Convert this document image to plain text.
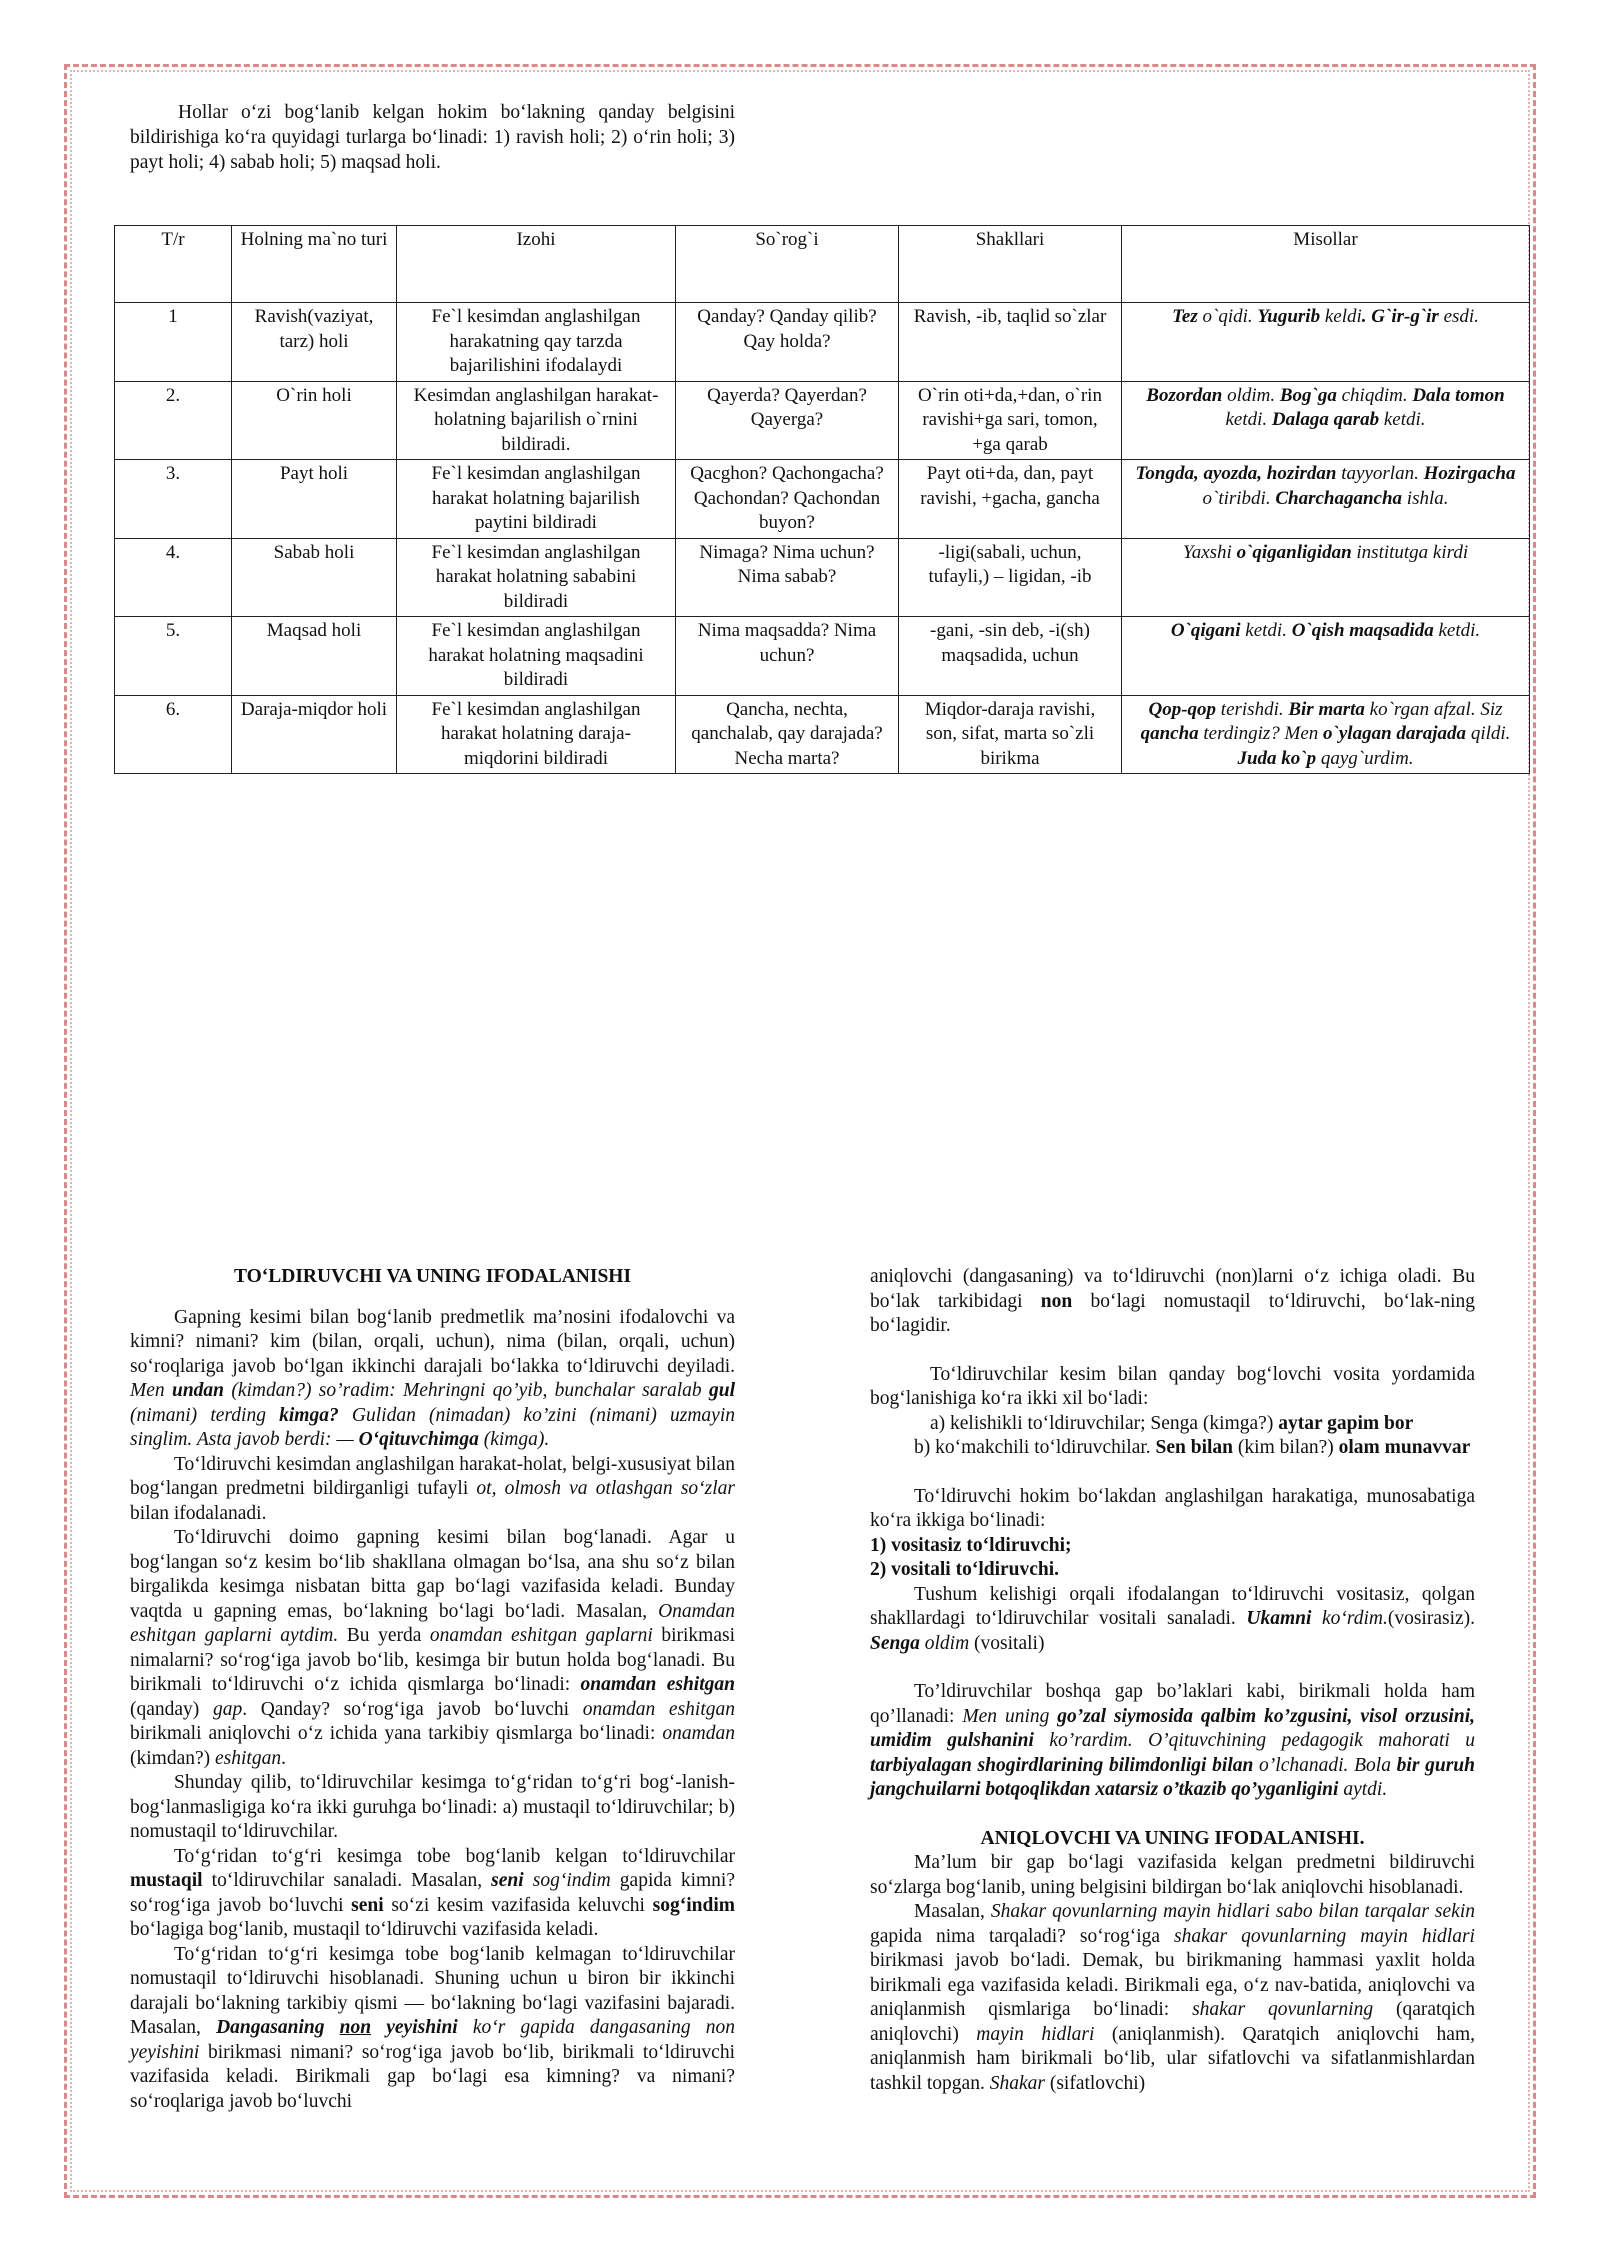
Hollar o‘zi bog‘lanib kelgan hokim bo‘lakning qanday belgisini bildirishiga ko‘ra quyidagi turlarga bo‘linadi: 1) ravish holi; 2) o‘rin holi; 3) payt holi; 4) sabab holi; 5) maqsad holi.

T/r	Holning ma`no turi	Izohi	So`rog`i	Shakllari	Misollar
1	Ravish(vaziyat, tarz) holi	Fe`l kesimdan anglashilgan harakatning qay tarzda bajarilishini ifodalaydi	Qanday? Qanday qilib? Qay holda?	Ravish, -ib, taqlid so`zlar	Tez o`qidi. Yugurib keldi. G`ir-g`ir esdi.
2.	O`rin holi	Kesimdan anglashilgan harakat-holatning bajarilish o`rnini bildiradi.	Qayerda? Qayerdan? Qayerga?	O`rin oti+da,+dan, o`rin ravishi+ga sari, tomon, +ga qarab	Bozordan oldim. Bog`ga chiqdim. Dala tomon ketdi. Dalaga qarab ketdi.
3.	Payt holi	Fe`l kesimdan anglashilgan harakat holatning bajarilish paytini bildiradi	Qacghon? Qachongacha? Qachondan? Qachondan buyon?	Payt oti+da, dan, payt ravishi, +gacha, gancha	Tongda, ayozda, hozirdan tayyorlan. Hozirgacha o`tiribdi. Charchagancha ishla.
4.	Sabab holi	Fe`l kesimdan anglashilgan harakat holatning sababini bildiradi	Nimaga? Nima uchun? Nima sabab?	-ligi(sabali, uchun, tufayli,) – ligidan, -ib	Yaxshi o`qiganligidan institutga kirdi
5.	Maqsad holi	Fe`l kesimdan anglashilgan harakat holatning maqsadini bildiradi	Nima maqsadda? Nima uchun?	-gani, -sin deb, -i(sh) maqsadida, uchun	O`qigani ketdi. O`qish maqsadida ketdi.
6.	Daraja-miqdor holi	Fe`l kesimdan anglashilgan harakat holatning daraja-miqdorini bildiradi	Qancha, nechta, qanchalab, qay darajada? Necha marta?	Miqdor-daraja ravishi, son, sifat, marta so`zli birikma	Qop-qop terishdi. Bir marta ko`rgan afzal. Siz qancha terdingiz? Men o`ylagan darajada qildi. Juda ko`p qayg`urdim.
TO‘LDIRUVCHI VA UNING IFODALANISHI

Gapning kesimi bilan bog‘lanib predmetlik ma’nosini ifodalovchi va kimni? nimani? kim (bilan, orqali, uchun), nima (bilan, orqali, uchun) so‘roqlariga javob bo‘lgan ikkinchi darajali bo‘lakka to‘ldiruvchi deyiladi. Men undan (kimdan?) so’radim: Mehringni qo’yib, bunchalar saralab gul (nimani) terding kimga? Gulidan (nimadan) ko’zini (nimani) uzmayin singlim. Asta javob berdi: — O‘qituvchimga (kimga).

To‘ldiruvchi kesimdan anglashilgan harakat-holat, belgi-xususiyat bilan bog‘langan predmetni bildirganligi tufayli ot, olmosh va otlashgan so‘zlar bilan ifodalanadi.

To‘ldiruvchi doimo gapning kesimi bilan bog‘lanadi. Agar u bog‘langan so‘z kesim bo‘lib shakllana olmagan bo‘lsa, ana shu so‘z bilan birgalikda kesimga nisbatan bitta gap bo‘lagi vazifasida keladi. Bunday vaqtda u gapning emas, bo‘lakning bo‘lagi bo‘ladi. Masalan, Onamdan eshitgan gaplarni aytdim. Bu yerda onamdan eshitgan gaplarni birikmasi nimalarni? so‘rog‘iga javob bo‘lib, kesimga bir butun holda bog‘lanadi. Bu birikmali to‘ldiruvchi o‘z ichida qismlarga bo‘linadi: onamdan eshitgan (qanday) gap. Qanday? so‘rog‘iga javob bo‘luvchi onamdan eshitgan birikmali aniqlovchi o‘z ichida yana tarkibiy qismlarga bo‘linadi: onamdan (kimdan?) eshitgan.

Shunday qilib, to‘ldiruvchilar kesimga to‘g‘ridan to‘g‘ri bog‘-lanish-bog‘lanmasligiga ko‘ra ikki guruhga bo‘linadi: a) mustaqil to‘ldiruvchilar; b) nomustaqil to‘ldiruvchilar.

To‘g‘ridan to‘g‘ri kesimga tobe bog‘lanib kelgan to‘ldiruvchilar mustaqil to‘ldiruvchilar sanaladi. Masalan, seni sog‘indim gapida kimni? so‘rog‘iga javob bo‘luvchi seni so‘zi kesim vazifasida keluvchi sog‘indim bo‘lagiga bog‘lanib, mustaqil to‘ldiruvchi vazifasida keladi.

To‘g‘ridan to‘g‘ri kesimga tobe bog‘lanib kelmagan to‘ldiruvchilar nomustaqil to‘ldiruvchi hisoblanadi. Shuning uchun u biron bir ikkinchi darajali bo‘lakning tarkibiy qismi — bo‘lakning bo‘lagi vazifasini bajaradi. Masalan, Dangasaning non yeyishini ko‘r gapida dangasaning non yeyishini birikmasi nimani? so‘rog‘iga javob bo‘lib, birikmali to‘ldiruvchi vazifasida keladi. Birikmali gap bo‘lagi esa kimning? va nimani? so‘roqlariga javob bo‘luvchi

aniqlovchi (dangasaning) va to‘ldiruvchi (non)larni o‘z ichiga oladi. Bu bo‘lak tarkibidagi non bo‘lagi nomustaqil to‘ldiruvchi, bo‘lak-ning bo‘lagidir.

To‘ldiruvchilar kesim bilan qanday bog‘lovchi vosita yordamida bog‘lanishiga ko‘ra ikki xil bo‘ladi:

a) kelishikli to‘ldiruvchilar; Senga (kimga?) aytar gapim bor

b) ko‘makchili to‘ldiruvchilar. Sen bilan (kim bilan?) olam munavvar

To‘ldiruvchi hokim bo‘lakdan anglashilgan harakatiga, munosabatiga ko‘ra ikkiga bo‘linadi:

1) vositasiz to‘ldiruvchi;

2) vositali to‘ldiruvchi.

Tushum kelishigi orqali ifodalangan to‘ldiruvchi vositasiz, qolgan shakllardagi to‘ldiruvchilar vositali sanaladi. Ukamni ko‘rdim.(vosirasiz). Senga oldim (vositali)

To’ldiruvchilar boshqa gap bo’laklari kabi, birikmali holda ham qo’llanadi: Men uning go’zal siymosida qalbim ko’zgusini, visol orzusini, umidim gulshanini ko’rardim. O’qituvchining pedagogik mahorati u tarbiyalagan shogirdlarining bilimdonligi bilan o’lchanadi. Bola bir guruh jangchuilarni botqoqlikdan xatarsiz o’tkazib qo’yganligini aytdi.

ANIQLOVCHI VA UNING IFODALANISHI.

Ma’lum bir gap bo‘lagi vazifasida kelgan predmetni bildiruvchi so‘zlarga bog‘lanib, uning belgisini bildirgan bo‘lak aniqlovchi hisoblanadi.

Masalan, Shakar qovunlarning mayin hidlari sabo bilan tarqalar sekin gapida nima tarqaladi? so‘rog‘iga shakar qovunlarning mayin hidlari birikmasi javob bo‘ladi. Demak, bu birikmaning hammasi yaxlit holda birikmali ega vazifasida keladi. Birikmali ega, o‘z nav-batida, aniqlovchi va aniqlanmish qismlariga bo‘linadi: shakar qovunlarning (qaratqich aniqlovchi) mayin hidlari (aniqlanmish). Qaratqich aniqlovchi ham, aniqlanmish ham birikmali bo‘lib, ular sifatlovchi va sifatlanmishlardan tashkil topgan. Shakar (sifatlovchi)
